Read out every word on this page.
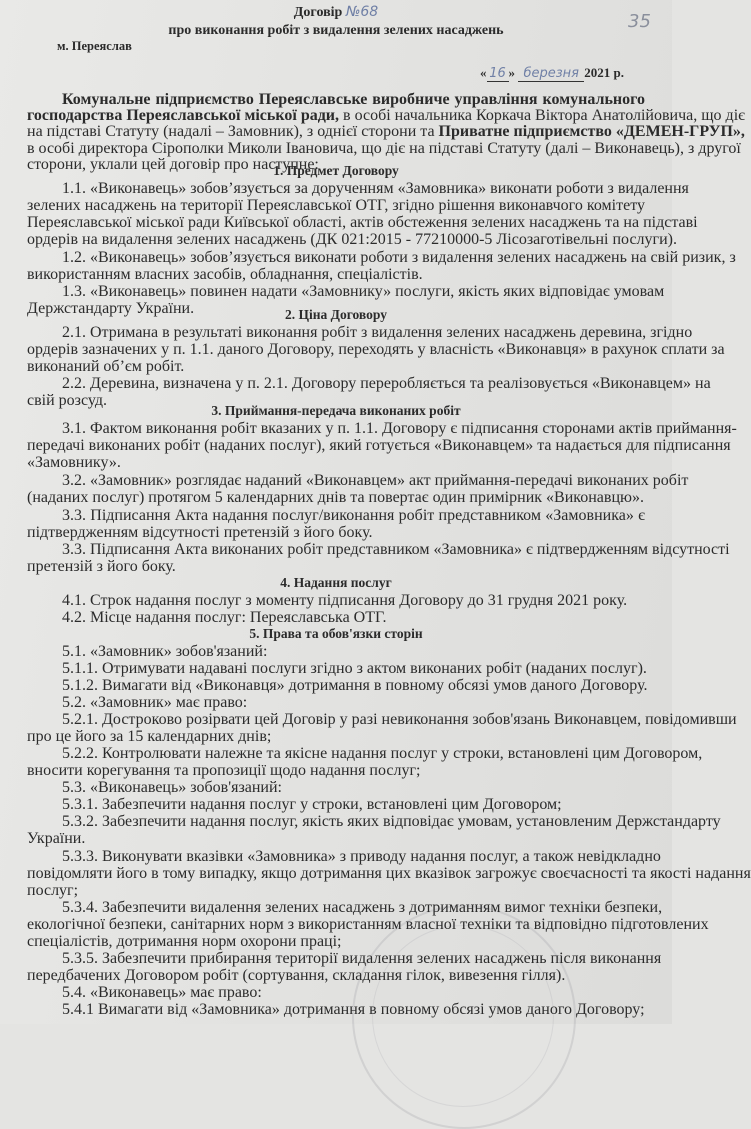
Договір №68	35
про виконання робіт з видалення зелених насаджень
м. Переяслав
« 16 » березня 2021 р.
Комунальне підприємство Переяславське виробниче управління комунального
господарства Переяславської міської ради, в особі начальника Коркача Віктора Анатолійовича, що діє
на підставі Статуту (надалі – Замовник), з однієї сторони та Приватне підприємство «ДЕМЕН-ГРУП»,
в особі директора Сірополки Миколи Івановича, що діє на підставі Статуту (далі – Виконавець), з другої
сторони, уклали цей договір про наступне:
1. Предмет Договору
1.1. «Виконавець» зобов’язується за дорученням «Замовника» виконати роботи з видалення
зелених насаджень на території Переяславської ОТГ, згідно рішення виконавчого комітету
Переяславської міської ради Київської області, актів обстеження зелених насаджень та на підставі
ордерів на видалення зелених насаджень (ДК 021:2015 - 77210000-5 Лісозаготівельні послуги).
1.2. «Виконавець» зобов’язується виконати роботи з видалення зелених насаджень на свій ризик, з
використанням власних засобів, обладнання, спеціалістів.
1.3. «Виконавець» повинен надати «Замовнику» послуги, якість яких відповідає умовам
Держстандарту України.	2. Ціна Договору
2.1. Отримана в результаті виконання робіт з видалення зелених насаджень деревина, згідно
ордерів зазначених у п. 1.1. даного Договору, переходять у власність «Виконавця» в рахунок сплати за
виконаний об’єм робіт.
2.2. Деревина, визначена у п. 2.1. Договору переробляється та реалізовується «Виконавцем» на
свій розсуд.
3. Приймання-передача виконаних робіт
3.1. Фактом виконання робіт вказаних у п. 1.1. Договору є підписання сторонами актів приймання-
передачі виконаних робіт (наданих послуг), який готується «Виконавцем» та надається для підписання
«Замовнику».
3.2. «Замовник» розглядає наданий «Виконавцем» акт приймання-передачі виконаних робіт
(наданих послуг) протягом 5 календарних днів та повертає один примірник «Виконавцю».
3.3. Підписання Акта надання послуг/виконання робіт представником «Замовника» є
підтвердженням відсутності претензій з його боку.
3.3. Підписання Акта виконаних робіт представником «Замовника» є підтвердженням відсутності
претензій з його боку.
4. Надання послуг
4.1. Строк надання послуг з моменту підписання Договору до 31 грудня 2021 року.
4.2. Місце надання послуг: Переяславська ОТГ.
5. Права та обов'язки сторін
5.1. «Замовник» зобов'язаний:
5.1.1. Отримувати надавані послуги згідно з актом виконаних робіт (наданих послуг).
5.1.2. Вимагати від «Виконавця» дотримання в повному обсязі умов даного Договору.
5.2. «Замовник» має право:
5.2.1. Достроково розірвати цей Договір у разі невиконання зобов'язань Виконавцем, повідомивши
про це його за 15 календарних днів;
5.2.2. Контролювати належне та якісне надання послуг у строки, встановлені цим Договором,
вносити корегування та пропозиції щодо надання послуг;
5.3. «Виконавець» зобов'язаний:
5.3.1. Забезпечити надання послуг у строки, встановлені цим Договором;
5.3.2. Забезпечити надання послуг, якість яких відповідає умовам, установленим Держстандарту
України.
5.3.3. Виконувати вказівки «Замовника» з приводу надання послуг, а також невідкладно
повідомляти його в тому випадку, якщо дотримання цих вказівок загрожує своєчасності та якості надання
послуг;
5.3.4. Забезпечити видалення зелених насаджень з дотриманням вимог техніки безпеки,
екологічної безпеки, санітарних норм з використанням власної техніки та відповідно підготовлених
спеціалістів, дотримання норм охорони праці;
5.3.5. Забезпечити прибирання території видалення зелених насаджень після виконання
передбачених Договором робіт (сортування, складання гілок, вивезення гілля).
5.4. «Виконавець» має право:
5.4.1 Вимагати від «Замовника» дотримання в повному обсязі умов даного Договору;
